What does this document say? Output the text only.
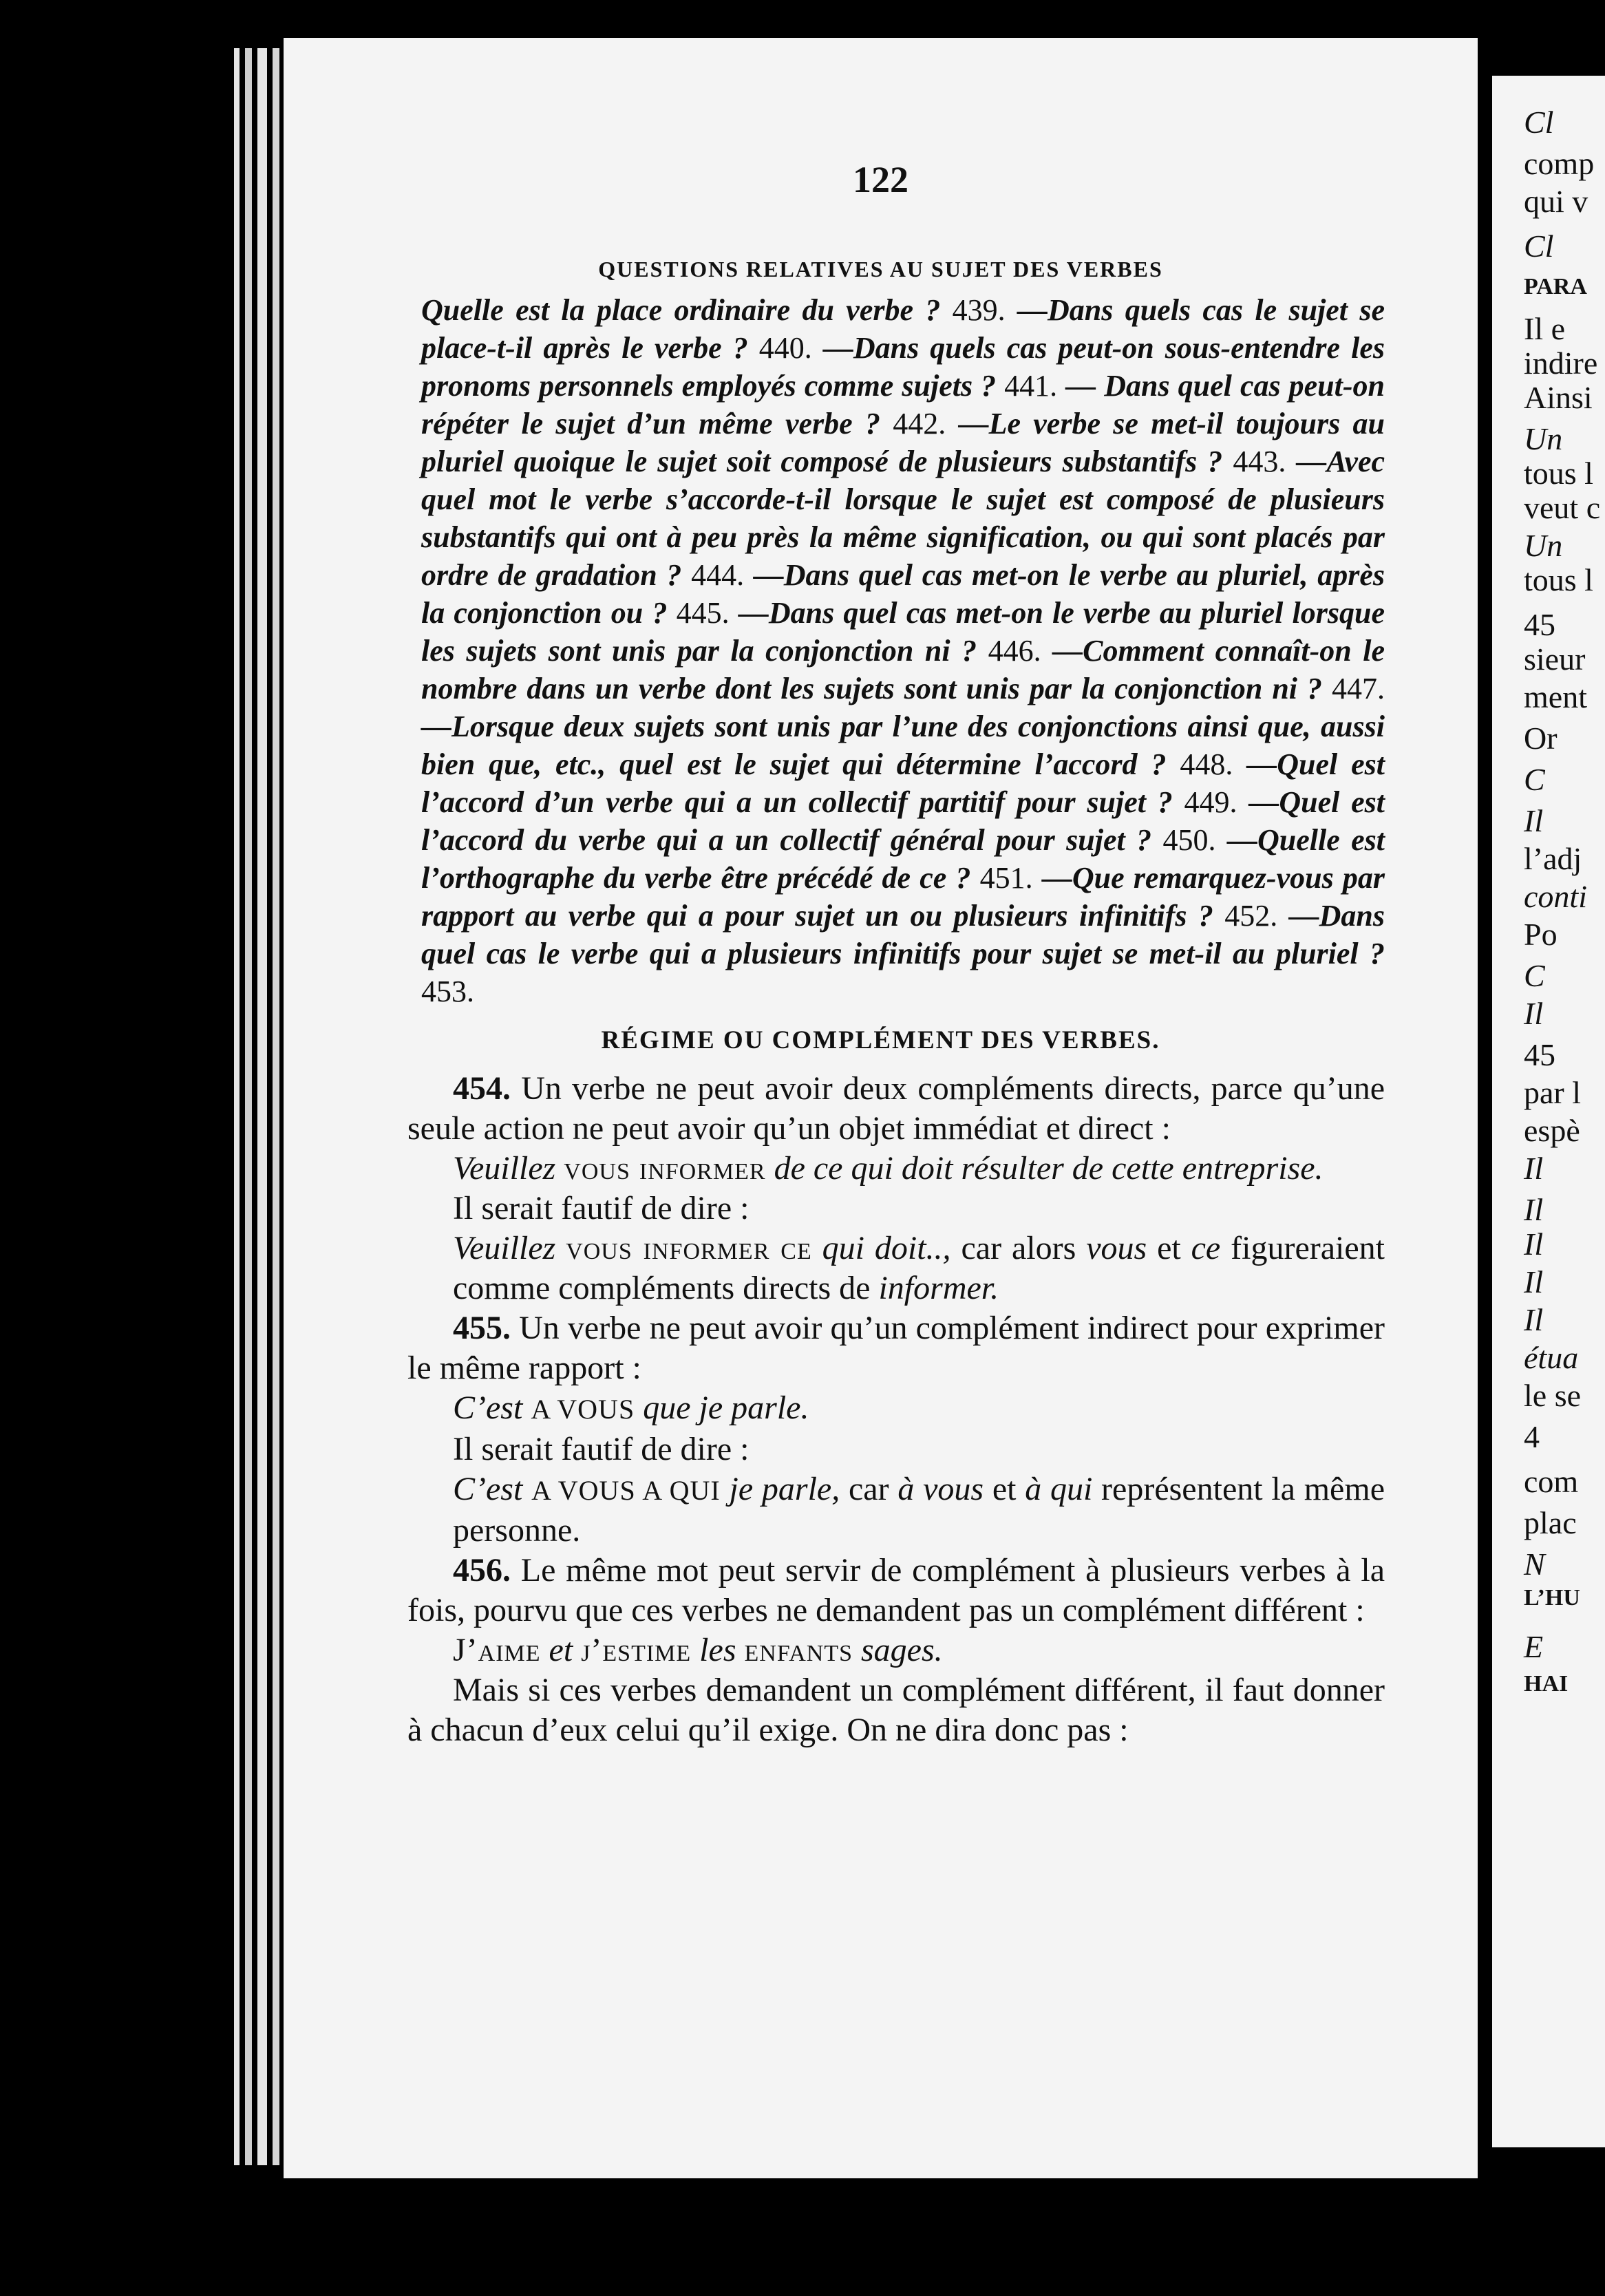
122
QUESTIONS RELATIVES AU SUJET DES VERBES
Quelle est la place ordinaire du verbe ? 439. —Dans quels cas le sujet se place-t-il après le verbe ? 440. —Dans quels cas peut-on sous-entendre les pronoms personnels employés comme sujets ? 441. — Dans quel cas peut-on répéter le sujet d’un même verbe ? 442. —Le verbe se met-il toujours au pluriel quoique le sujet soit composé de plusieurs substantifs ? 443. —Avec quel mot le verbe s’accorde-t-il lorsque le sujet est composé de plusieurs substantifs qui ont à peu près la même signification, ou qui sont placés par ordre de gradation ? 444. —Dans quel cas met-on le verbe au pluriel, après la conjonction ou ? 445. —Dans quel cas met-on le verbe au pluriel lorsque les sujets sont unis par la conjonction ni ? 446. —Comment connaît-on le nombre dans un verbe dont les sujets sont unis par la conjonction ni ? 447. —Lorsque deux sujets sont unis par l’une des conjonctions ainsi que, aussi bien que, etc., quel est le sujet qui détermine l’accord ? 448. —Quel est l’accord d’un verbe qui a un collectif partitif pour sujet ? 449. —Quel est l’accord du verbe qui a un collectif général pour sujet ? 450. —Quelle est l’orthographe du verbe être précédé de ce ? 451. —Que remarquez-vous par rapport au verbe qui a pour sujet un ou plusieurs infinitifs ? 452. —Dans quel cas le verbe qui a plusieurs infinitifs pour sujet se met-il au pluriel ? 453.
RÉGIME OU COMPLÉMENT DES VERBES.

454. Un verbe ne peut avoir deux compléments directs, parce qu’une seule action ne peut avoir qu’un objet immédiat et direct :

Veuillez vous informer de ce qui doit résulter de cette entreprise.

Il serait fautif de dire :

Veuillez vous informer ce qui doit.., car alors vous et ce figureraient comme compléments directs de informer.

455. Un verbe ne peut avoir qu’un complément indirect pour exprimer le même rapport :

C’est A VOUS que je parle.

Il serait fautif de dire :

C’est A VOUS A QUI je parle, car à vous et à qui représentent la même personne.

456. Le même mot peut servir de complément à plusieurs verbes à la fois, pourvu que ces verbes ne demandent pas un complément différent :

J’aime et j’estime les enfants sages.

Mais si ces verbes demandent un complément différent, il faut donner à chacun d’eux celui qu’il exige. On ne dira donc pas :

Cl
comp
qui v
Cl
PARA
Il e
indire
Ainsi
Un
tous l
veut c
Un
tous l
45
sieur
ment
Or
C
Il
l’adj
conti
Po
C
Il
45
par l
espè
Il
Il
Il
Il
Il
étua
le se
4
com
plac
N
L’HU
E
HAI
